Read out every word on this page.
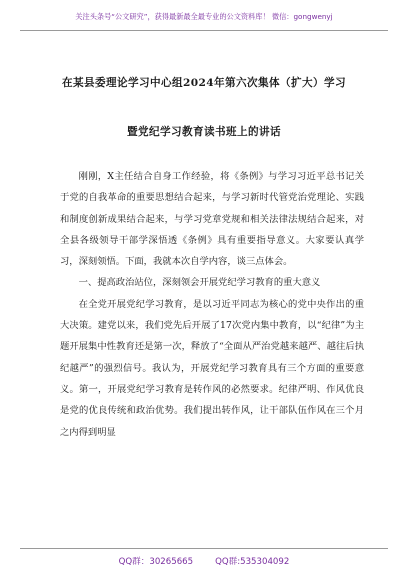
关注头条号“公文研究”，获得最新最全最专业的公文资料库！ 微信：gongwenyj
在某县委理论学习中心组2024年第六次集体（扩大）学习
暨党纪学习教育读书班上的讲话

刚刚，X主任结合自身工作经验，将《条例》与学习习近平总书记关于党的自我革命的重要思想结合起来，与学习新时代管党治党理论、实践和制度创新成果结合起来，与学习党章党规和相关法律法规结合起来，对全县各级领导干部学深悟透《条例》具有重要指导意义。大家要认真学习，深刻领悟。下面，我就本次自学内容，谈三点体会。

一、提高政治站位，深刻领会开展党纪学习教育的重大意义

在全党开展党纪学习教育，是以习近平同志为核心的党中央作出的重大决策。建党以来，我们党先后开展了17次党内集中教育，以“纪律”为主题开展集中性教育还是第一次，释放了“全面从严治党越来越严、越往后执纪越严”的强烈信号。我认为，开展党纪学习教育具有三个方面的重要意义。第一，开展党纪学习教育是转作风的必然要求。纪律严明、作风优良是党的优良传统和政治优势。我们提出转作风，让干部队伍作风在三个月之内得到明显

QQ群：30265665	QQ群:535304092
